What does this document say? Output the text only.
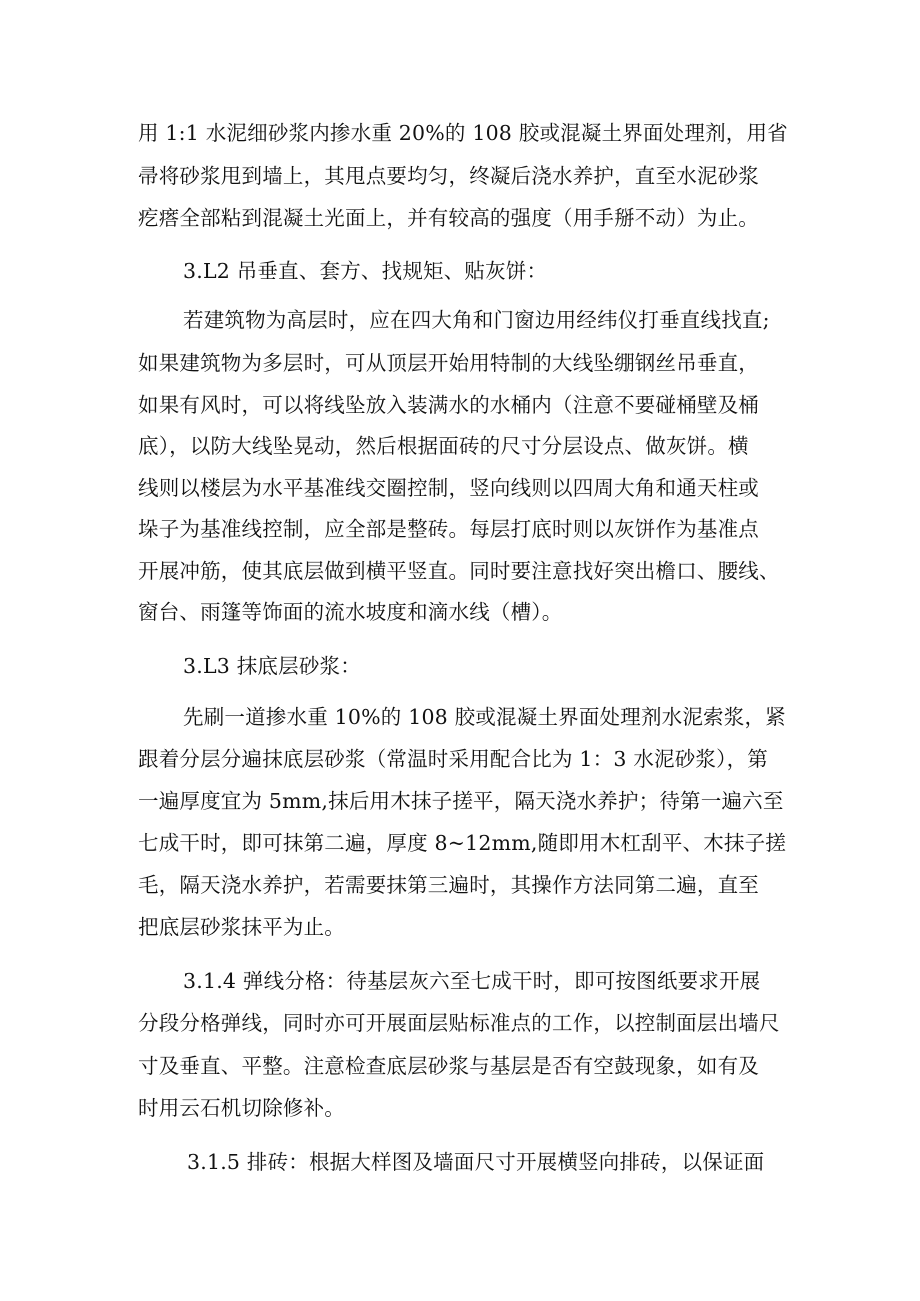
用 1:1 水泥细砂浆内掺水重 20%的 108 胶或混凝土界面处理剂，用省
帚将砂浆甩到墙上，其甩点要均匀，终凝后浇水养护，直至水泥砂浆
疙瘩全部粘到混凝土光面上，并有较高的强度（用手掰不动）为止。
3.L2 吊垂直、套方、找规矩、贴灰饼：
若建筑物为高层时，应在四大角和门窗边用经纬仪打垂直线找直;
如果建筑物为多层时，可从顶层开始用特制的大线坠绷钢丝吊垂直，
如果有风时，可以将线坠放入装满水的水桶内（注意不要碰桶壁及桶
底），以防大线坠晃动，然后根据面砖的尺寸分层设点、做灰饼。横
线则以楼层为水平基准线交圈控制，竖向线则以四周大角和通天柱或
垛子为基准线控制，应全部是整砖。每层打底时则以灰饼作为基准点
开展冲筋，使其底层做到横平竖直。同时要注意找好突出檐口、腰线、
窗台、雨篷等饰面的流水坡度和滴水线（槽）。
3.L3 抹底层砂浆：
先刷一道掺水重 10%的 108 胶或混凝土界面处理剂水泥索浆，紧
跟着分层分遍抹底层砂浆（常温时采用配合比为 1：3 水泥砂浆），第
一遍厚度宜为 5mm,抹后用木抹子搓平，隔天浇水养护；待第一遍六至
七成干时，即可抹第二遍，厚度 8~12mm,随即用木杠刮平、木抹子搓
毛，隔天浇水养护，若需要抹第三遍时，其操作方法同第二遍，直至
把底层砂浆抹平为止。
3.1.4 弹线分格：待基层灰六至七成干时，即可按图纸要求开展
分段分格弹线，同时亦可开展面层贴标准点的工作，以控制面层出墙尺
寸及垂直、平整。注意检查底层砂浆与基层是否有空鼓现象，如有及
时用云石机切除修补。
3.1.5 排砖：根据大样图及墙面尺寸开展横竖向排砖，以保证面
